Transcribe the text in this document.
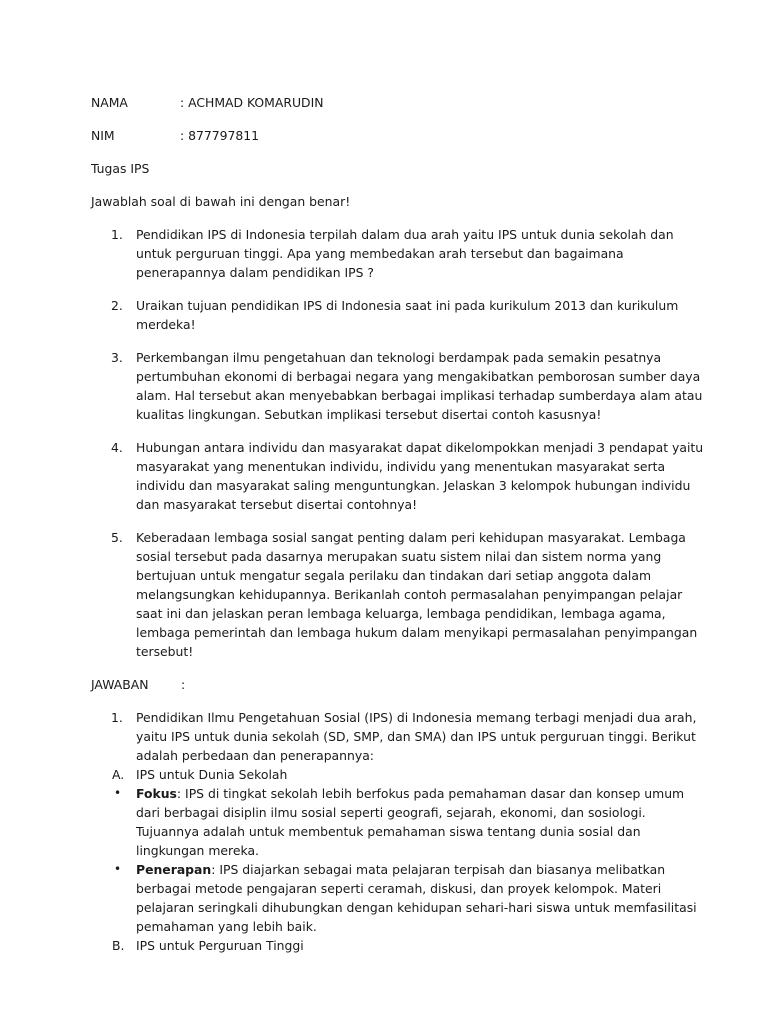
NAMA	: ACHMAD KOMARUDIN
NIM	: 877797811

Tugas IPS

Jawablah soal di bawah ini dengan benar!

1. Pendidikan IPS di Indonesia terpilah dalam dua arah yaitu IPS untuk dunia sekolah dan untuk perguruan tinggi. Apa yang membedakan arah tersebut dan bagaimana penerapannya dalam pendidikan IPS ?
2. Uraikan tujuan pendidikan IPS di Indonesia saat ini pada kurikulum 2013 dan kurikulum merdeka!
3. Perkembangan ilmu pengetahuan dan teknologi berdampak pada semakin pesatnya pertumbuhan ekonomi di berbagai negara yang mengakibatkan pemborosan sumber daya alam. Hal tersebut akan menyebabkan berbagai implikasi terhadap sumberdaya alam atau kualitas lingkungan. Sebutkan implikasi tersebut disertai contoh kasusnya!
4. Hubungan antara individu dan masyarakat dapat dikelompokkan menjadi 3 pendapat yaitu masyarakat yang menentukan individu, individu yang menentukan masyarakat serta individu dan masyarakat saling menguntungkan. Jelaskan 3 kelompok hubungan individu dan masyarakat tersebut disertai contohnya!
5. Keberadaan lembaga sosial sangat penting dalam peri kehidupan masyarakat. Lembaga sosial tersebut pada dasarnya merupakan suatu sistem nilai dan sistem norma yang bertujuan untuk mengatur segala perilaku dan tindakan dari setiap anggota dalam melangsungkan kehidupannya. Berikanlah contoh permasalahan penyimpangan pelajar saat ini dan jelaskan peran lembaga keluarga, lembaga pendidikan, lembaga agama, lembaga pemerintah dan lembaga hukum dalam menyikapi permasalahan penyimpangan tersebut!
JAWABAN	:
1. Pendidikan Ilmu Pengetahuan Sosial (IPS) di Indonesia memang terbagi menjadi dua arah, yaitu IPS untuk dunia sekolah (SD, SMP, dan SMA) dan IPS untuk perguruan tinggi. Berikut adalah perbedaan dan penerapannya:

A. IPS untuk Dunia Sekolah
• Fokus: IPS di tingkat sekolah lebih berfokus pada pemahaman dasar dan konsep umum dari berbagai disiplin ilmu sosial seperti geografi, sejarah, ekonomi, dan sosiologi. Tujuannya adalah untuk membentuk pemahaman siswa tentang dunia sosial dan lingkungan mereka.
• Penerapan: IPS diajarkan sebagai mata pelajaran terpisah dan biasanya melibatkan berbagai metode pengajaran seperti ceramah, diskusi, dan proyek kelompok. Materi pelajaran seringkali dihubungkan dengan kehidupan sehari-hari siswa untuk memfasilitasi pemahaman yang lebih baik.
B. IPS untuk Perguruan Tinggi
